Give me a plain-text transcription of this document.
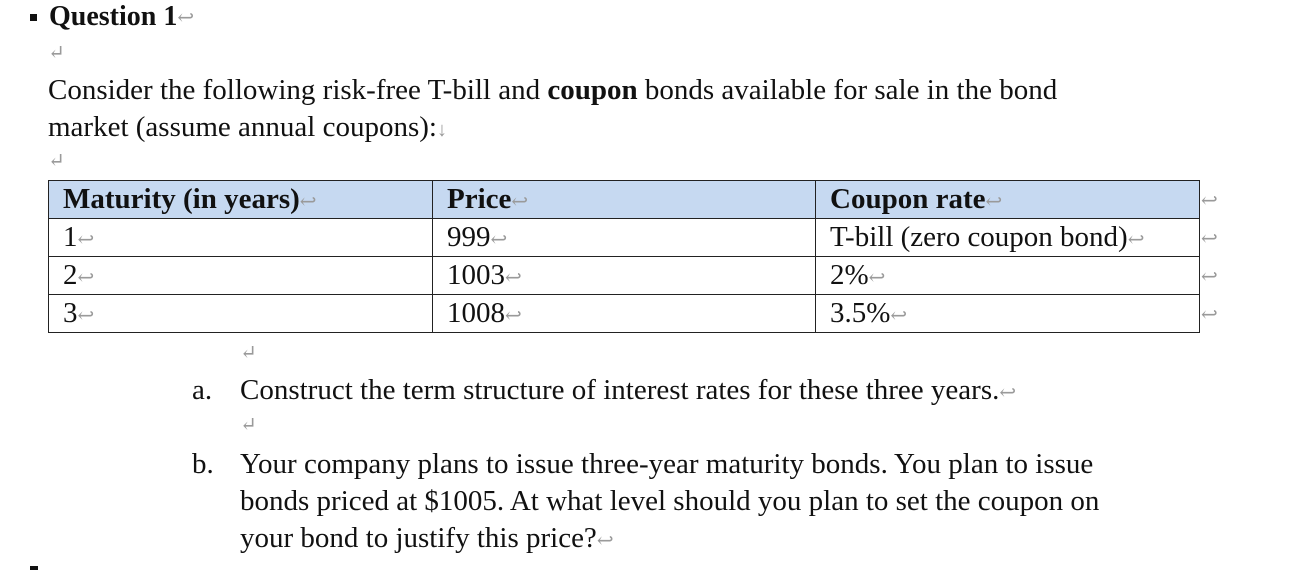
Question 1 ↩
↵
Consider the following risk-free T-bill and coupon bonds available for sale in the bond
market (assume annual coupons):↓
↵
Maturity (in years)↩	Price↩	Coupon rate↩
1↩	999↩	T-bill (zero coupon bond)↩
2↩	1003↩	2%↩
3↩	1008↩	3.5%↩
↩
↩
↩
↩
↵
a. Construct the term structure of interest rates for these three years.↩
↵
b. Your company plans to issue three-year maturity bonds. You plan to issue
bonds priced at $1005. At what level should you plan to set the coupon on
your bond to justify this price?↩
